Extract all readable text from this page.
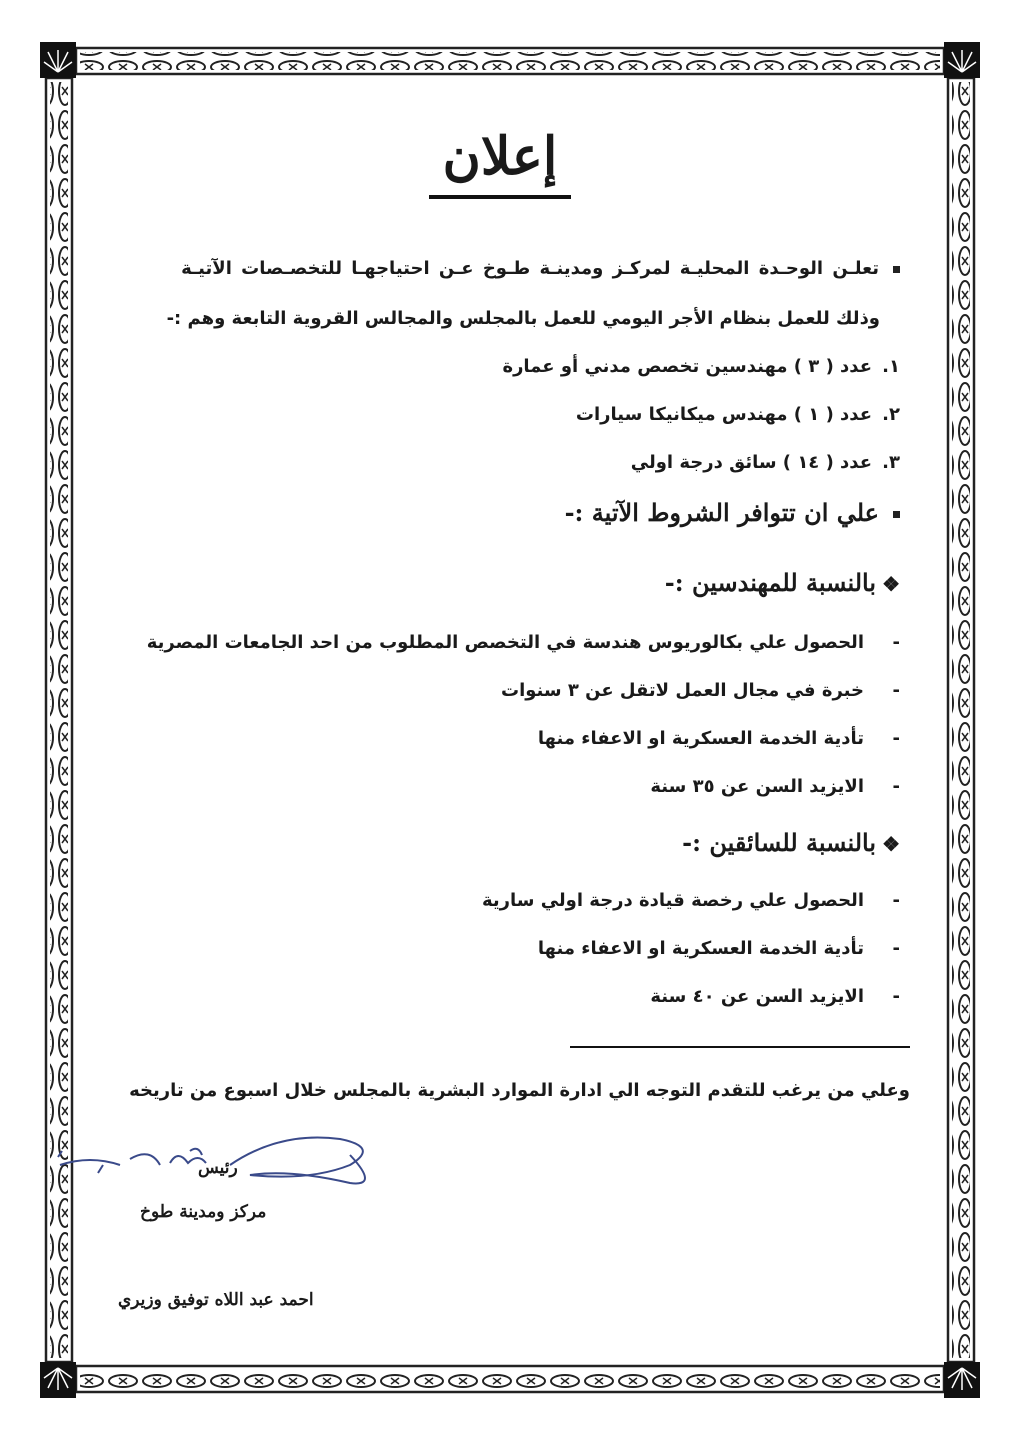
إعلان
تعلـن الوحـدة المحليـة لمركـز ومدينـة طـوخ عـن احتياجهـا للتخصـصات الآتيـة
وذلك للعمل بنظام الأجر اليومي للعمل بالمجلس والمجالس القروية التابعة وهم :-
١.عدد ( ٣ ) مهندسين تخصص مدني أو عمارة
٢.عدد ( ١ ) مهندس ميكانيكا سيارات
٣.عدد ( ١٤ ) سائق درجة اولي
علي ان تتوافر الشروط الآتية :-
❖بالنسبة للمهندسين :-
-الحصول علي بكالوريوس هندسة في التخصص المطلوب من احد الجامعات المصرية
-خبرة في مجال العمل لاتقل عن ٣ سنوات
-تأدية الخدمة العسكرية او الاعفاء منها
-الايزيد السن عن ٣٥ سنة
❖بالنسبة للسائقين :-
-الحصول علي رخصة قيادة درجة اولي سارية
-تأدية الخدمة العسكرية او الاعفاء منها
-الايزيد السن عن ٤٠ سنة
وعلي من يرغب للتقدم التوجه الي ادارة الموارد البشرية بالمجلس خلال اسبوع من تاريخه
رئيس
مركز ومدينة طوخ
احمد عبد اللاه توفيق وزيري
